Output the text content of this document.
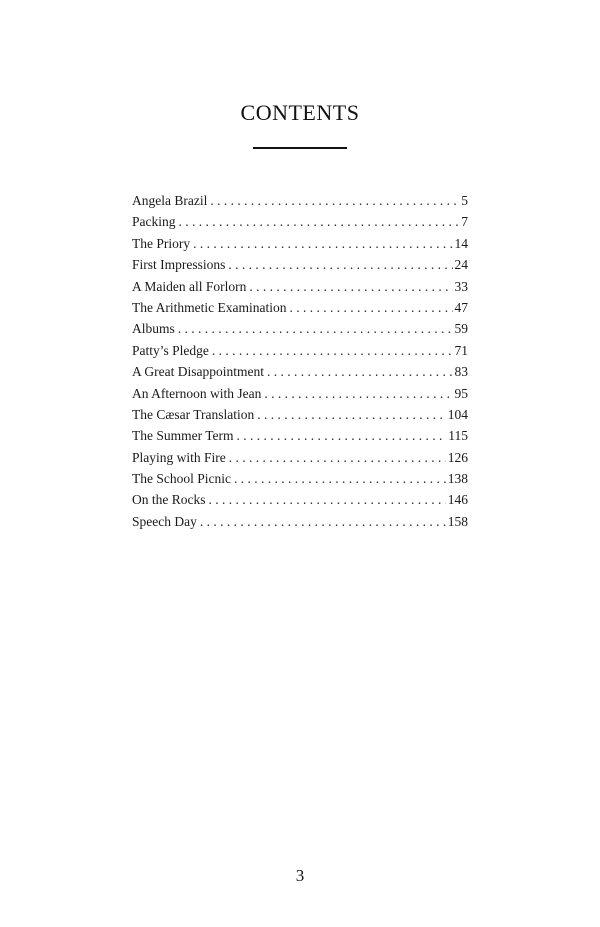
CONTENTS
Angela Brazil . . .	5
Packing . . .	7
The Priory . . .	14
First Impressions . . .	24
A Maiden all Forlorn . . .	33
The Arithmetic Examination . . .	47
Albums . . .	59
Patty’s Pledge . . .	71
A Great Disappointment . . .	83
An Afternoon with Jean . . .	95
The Cæsar Translation . . .	104
The Summer Term . . .	115
Playing with Fire . . .	126
The School Picnic . . .	138
On the Rocks . . .	146
Speech Day . . .	158
3
